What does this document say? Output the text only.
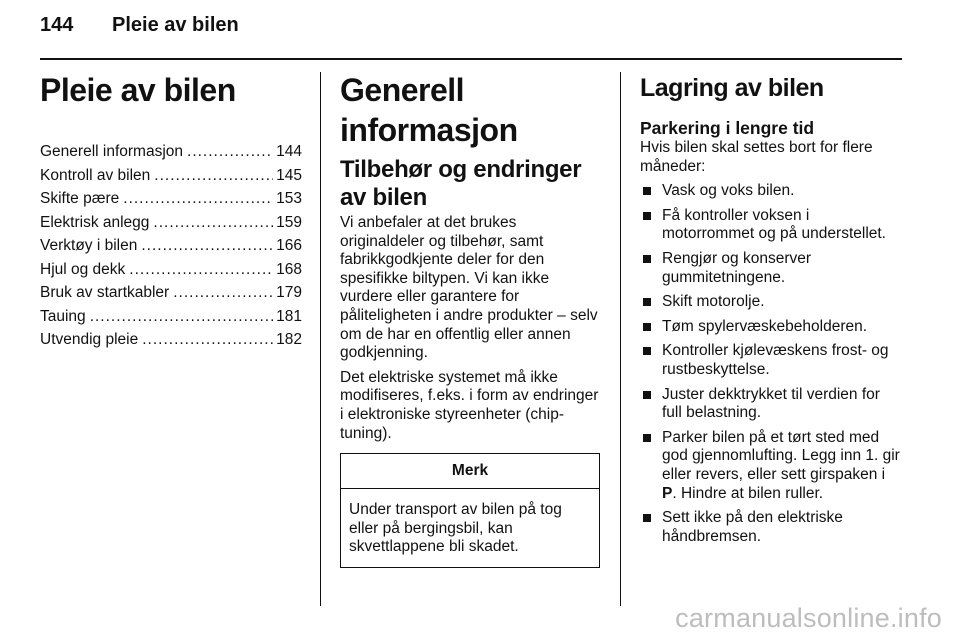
144 Pleie av bilen
Pleie av bilen
Generell informasjon .....	144
Kontroll av bilen .....	145
Skifte pære .....	153
Elektrisk anlegg .....	159
Verktøy i bilen .....	166
Hjul og dekk .....	168
Bruk av startkabler .....	179
Tauing .....	181
Utvendig pleie .....	182
Generell informasjon
Tilbehør og endringer av bilen

Vi anbefaler at det brukes originaldeler og tilbehør, samt fabrikkgodkjente deler for den spesifikke biltypen. Vi kan ikke vurdere eller garantere for påliteligheten i andre produkter – selv om de har en offentlig eller annen godkjenning.

Det elektriske systemet må ikke modifiseres, f.eks. i form av endringer i elektroniske styreenheter (chip-tuning).

Merk
Under transport av bilen på tog eller på bergingsbil, kan skvettlappene bli skadet.
Lagring av bilen
Parkering i lengre tid

Hvis bilen skal settes bort for flere måneder:

Vask og voks bilen.
Få kontroller voksen i motorrommet og på understellet.
Rengjør og konserver gummitetningene.
Skift motorolje.
Tøm spylervæskebeholderen.
Kontroller kjølevæskens frost- og rustbeskyttelse.
Juster dekktrykket til verdien for full belastning.
Parker bilen på et tørt sted med god gjennomlufting. Legg inn 1. gir eller revers, eller sett girspaken i P. Hindre at bilen ruller.
Sett ikke på den elektriske håndbremsen.
carmanualsonline.info
